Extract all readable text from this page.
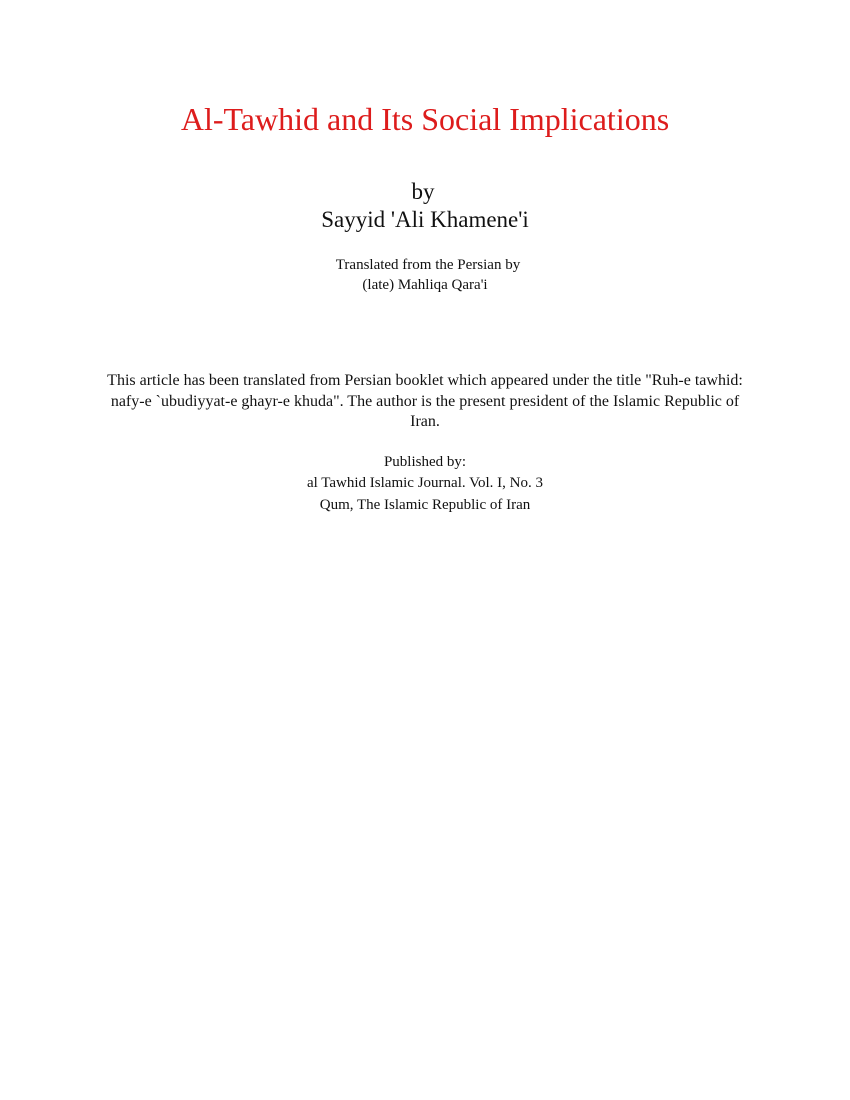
Al-Tawhid and Its Social Implications
by
Sayyid 'Ali Khamene'i
Translated from the Persian by
(late) Mahliqa Qara'i
This article has been translated from Persian booklet which appeared under the title "Ruh-e tawhid: nafy-e `ubudiyyat-e ghayr-e khuda". The author is the present president of the Islamic Republic of Iran.
Published by:
al Tawhid Islamic Journal. Vol. I, No. 3
Qum, The Islamic Republic of Iran
